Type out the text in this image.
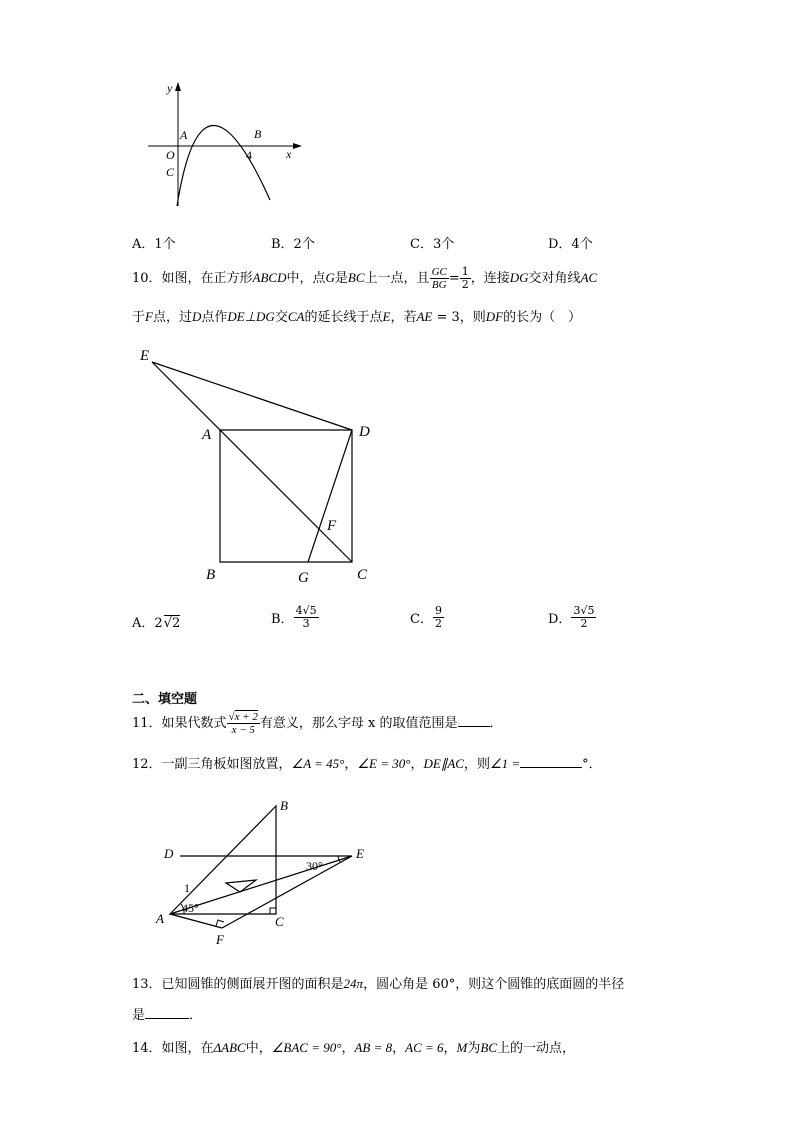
y
x
A	B
O
C
4
A．1个	B．2个	C．3个	D．4个
10．如图，在正方形ABCD中，点G是BC上一点，且 $\frac{GC}{BG} = \frac{1}{2}$ ，连接DG交对角线AC
于F点，过D点作DE⊥DG交CA的延长线于点E，若AE = 3，则DF的长为（　）
E
A	D
F
B	G	C
A．2√2	B． $\frac{4√5}{3}$	C． $\frac{9}{2}$	D． $\frac{3√5}{2}$
二、填空题
11．如果代数式 $\frac{√x + 2}{x - 5}$ 有意义，那么字母 x 的取值范围是 ．
12．一副三角板如图放置，∠A = 45°，∠E = 30°，DE∥AC，则∠1 =	°．
B
D	E
1
A	C
F
45°
30°
13．已知圆锥的侧面展开图的面积是24π，圆心角是 60°，则这个圆锥的底面圆的半径
是	．
14．如图，在ΔABC中，∠BAC = 90°，AB = 8，AC = 6，M为BC上的一动点，
